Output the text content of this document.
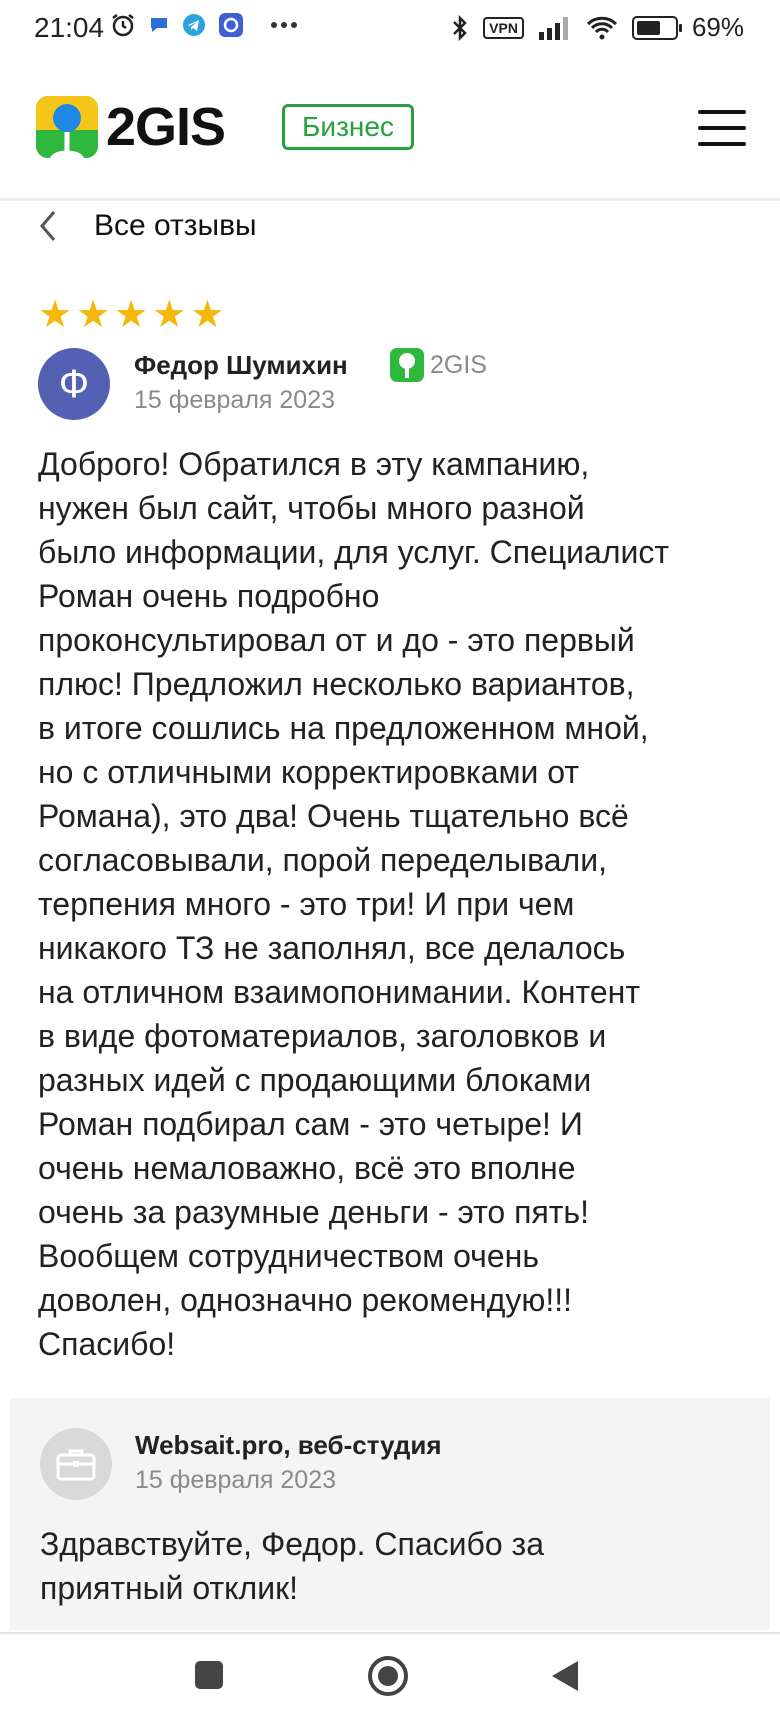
21:04	VPN	69%
2GIS	Бизнес
Все отзывы
★ ★ ★ ★ ★
Ф	Федор Шумихин	2GIS
15 февраля 2023
Доброго! Обратился в эту кампанию,
нужен был сайт, чтобы много разной
было информации, для услуг. Специалист
Роман очень подробно
проконсультировал от и до - это первый
плюс! Предложил несколько вариантов,
в итоге сошлись на предложенном мной,
но с отличными корректировками от
Романа), это два! Очень тщательно всё
согласовывали, порой переделывали,
терпения много - это три! И при чем
никакого ТЗ не заполнял, все делалось
на отличном взаимопонимании. Контент
в виде фотоматериалов, заголовков и
разных идей с продающими блоками
Роман подбирал сам - это четыре! И
очень немаловажно, всё это вполне
очень за разумные деньги - это пять!
Вообщем сотрудничеством очень
доволен, однозначно рекомендую!!!
Спасибо!
Websait.pro, веб-студия
15 февраля 2023
Здравствуйте, Федор. Спасибо за
приятный отклик!
